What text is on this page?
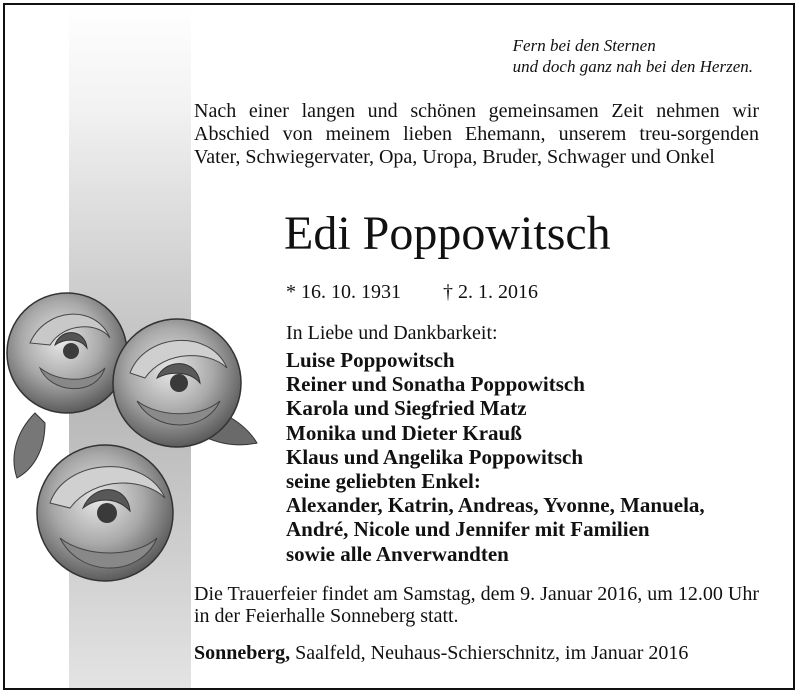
Fern bei den Sternen
und doch ganz nah bei den Herzen.
Nach einer langen und schönen gemeinsamen Zeit nehmen wir Abschied von meinem lieben Ehemann, unserem treu-sorgenden Vater, Schwiegervater, Opa, Uropa, Bruder, Schwager und Onkel
Edi Poppowitsch
* 16. 10. 1931 † 2. 1. 2016
In Liebe und Dankbarkeit:
Luise Poppowitsch
Reiner und Sonatha Poppowitsch
Karola und Siegfried Matz
Monika und Dieter Krauß
Klaus und Angelika Poppowitsch
seine geliebten Enkel:
Alexander, Katrin, Andreas, Yvonne, Manuela,
André, Nicole und Jennifer mit Familien
sowie alle Anverwandten
Die Trauerfeier findet am Samstag, dem 9. Januar 2016, um 12.00 Uhr in der Feierhalle Sonneberg statt.
Sonneberg, Saalfeld, Neuhaus-Schierschnitz, im Januar 2016
